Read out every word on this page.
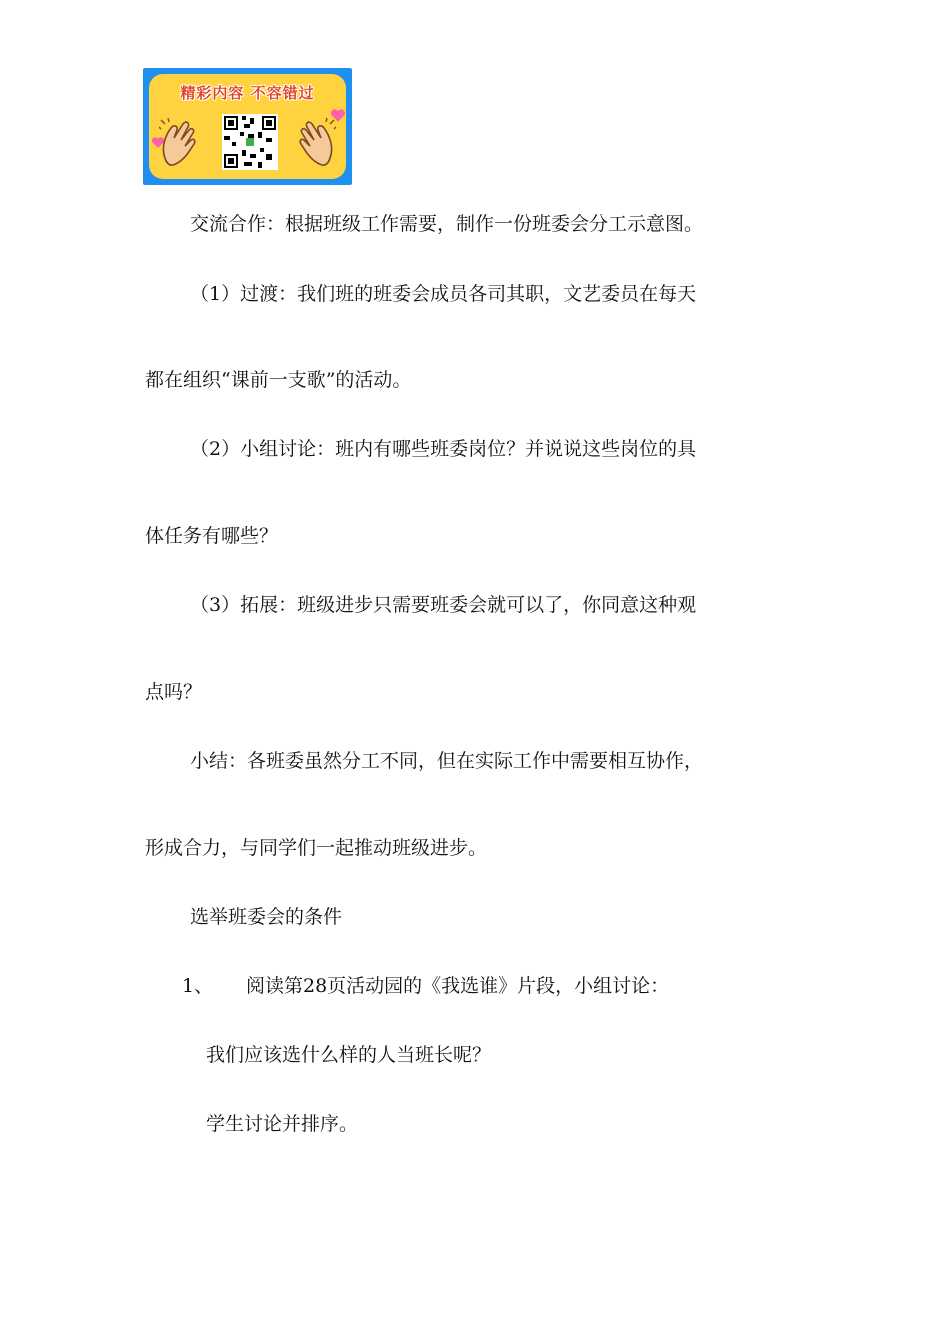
精彩内容 不容错过
交流合作：根据班级工作需要，制作一份班委会分工示意图。
（1）过渡：我们班的班委会成员各司其职，文艺委员在每天
都在组织“课前一支歌”的活动。
（2）小组讨论：班内有哪些班委岗位？并说说这些岗位的具
体任务有哪些？
（3）拓展：班级进步只需要班委会就可以了，你同意这种观
点吗？
小结：各班委虽然分工不同，但在实际工作中需要相互协作，
形成合力，与同学们一起推动班级进步。
选举班委会的条件
1、 阅读第28页活动园的《我选谁》片段，小组讨论：
我们应该选什么样的人当班长呢？
学生讨论并排序。
